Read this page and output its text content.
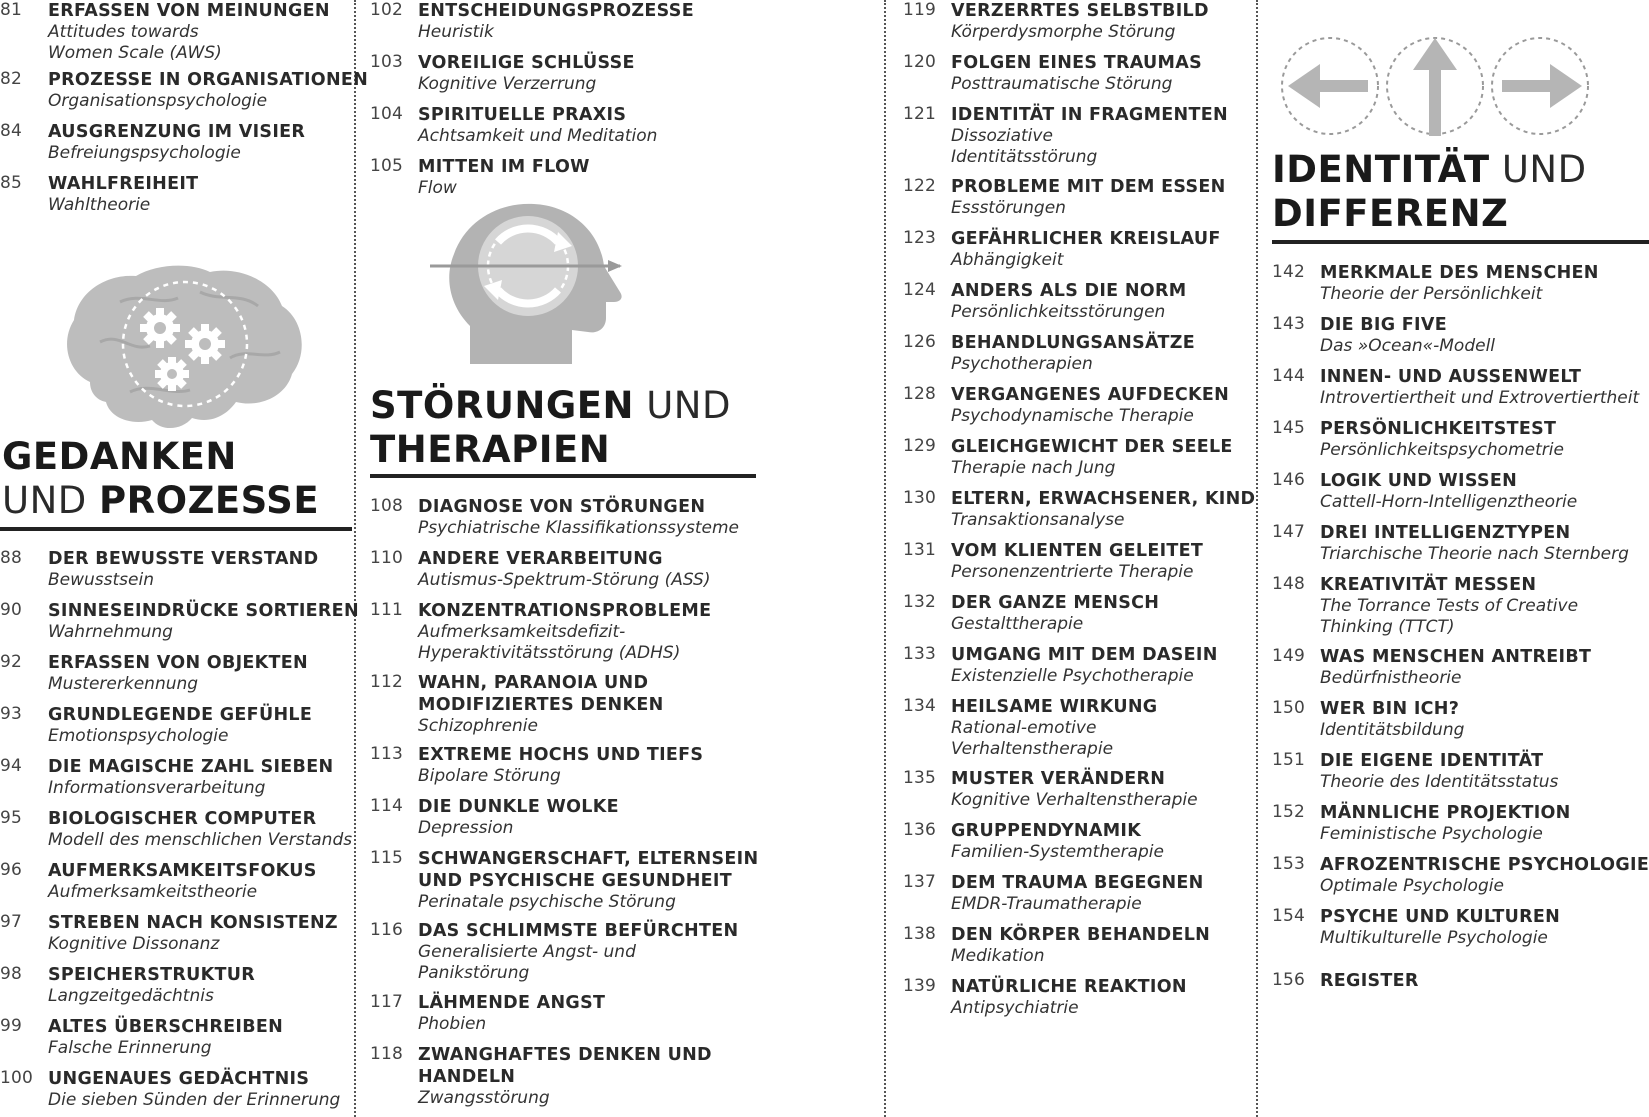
81 ERFASSEN VON MEINUNGEN
Attitudes towards
Women Scale (AWS)
82 PROZESSE IN ORGANISATIONEN
Organisationspsychologie
84 AUSGRENZUNG IM VISIER
Befreiungspsychologie
85 WAHLFREIHEIT
Wahltheorie
88 DER BEWUSSTE VERSTAND
Bewusstsein
90 SINNESEINDRÜCKE SORTIEREN
Wahrnehmung
92 ERFASSEN VON OBJEKTEN
Mustererkennung
93 GRUNDLEGENDE GEFÜHLE
Emotionspsychologie
94 DIE MAGISCHE ZAHL SIEBEN
Informationsverarbeitung
95 BIOLOGISCHER COMPUTER
Modell des menschlichen Verstands
96 AUFMERKSAMKEITSFOKUS
Aufmerksamkeitstheorie
97 STREBEN NACH KONSISTENZ
Kognitive Dissonanz
98 SPEICHERSTRUKTUR
Langzeitgedächtnis
99 ALTES ÜBERSCHREIBEN
Falsche Erinnerung
100 UNGENAUES GEDÄCHTNIS
Die sieben Sünden der Erinnerung
GEDANKEN
UND PROZESSE
102 ENTSCHEIDUNGSPROZESSE
Heuristik
103 VOREILIGE SCHLÜSSE
Kognitive Verzerrung
104 SPIRITUELLE PRAXIS
Achtsamkeit und Meditation
105 MITTEN IM FLOW
Flow
108 DIAGNOSE VON STÖRUNGEN
Psychiatrische Klassifikationssysteme
110 ANDERE VERARBEITUNG
Autismus-Spektrum-Störung (ASS)
111 KONZENTRATIONSPROBLEME
Aufmerksamkeitsdefizit-
Hyperaktivitätsstörung (ADHS)
112 WAHN, PARANOIA UND
MODIFIZIERTES DENKEN
Schizophrenie
113 EXTREME HOCHS UND TIEFS
Bipolare Störung
114 DIE DUNKLE WOLKE
Depression
115 SCHWANGERSCHAFT, ELTERNSEIN
UND PSYCHISCHE GESUNDHEIT
Perinatale psychische Störung
116 DAS SCHLIMMSTE BEFÜRCHTEN
Generalisierte Angst- und
Panikstörung
117 LÄHMENDE ANGST
Phobien
118 ZWANGHAFTES DENKEN UND
HANDELN
Zwangsstörung
STÖRUNGEN UND
THERAPIEN
119 VERZERRTES SELBSTBILD
Körperdysmorphe Störung
120 FOLGEN EINES TRAUMAS
Posttraumatische Störung
121 IDENTITÄT IN FRAGMENTEN
Dissoziative
Identitätsstörung
122 PROBLEME MIT DEM ESSEN
Essstörungen
123 GEFÄHRLICHER KREISLAUF
Abhängigkeit
124 ANDERS ALS DIE NORM
Persönlichkeitsstörungen
126 BEHANDLUNGSANSÄTZE
Psychotherapien
128 VERGANGENES AUFDECKEN
Psychodynamische Therapie
129 GLEICHGEWICHT DER SEELE
Therapie nach Jung
130 ELTERN, ERWACHSENER, KIND
Transaktionsanalyse
131 VOM KLIENTEN GELEITET
Personenzentrierte Therapie
132 DER GANZE MENSCH
Gestalttherapie
133 UMGANG MIT DEM DASEIN
Existenzielle Psychotherapie
134 HEILSAME WIRKUNG
Rational-emotive
Verhaltenstherapie
135 MUSTER VERÄNDERN
Kognitive Verhaltenstherapie
136 GRUPPENDYNAMIK
Familien-Systemtherapie
137 DEM TRAUMA BEGEGNEN
EMDR-Traumatherapie
138 DEN KÖRPER BEHANDELN
Medikation
139 NATÜRLICHE REAKTION
Antipsychiatrie
142 MERKMALE DES MENSCHEN
Theorie der Persönlichkeit
143 DIE BIG FIVE
Das »Ocean«-Modell
144 INNEN- UND AUSSENWELT
Introvertiertheit und Extrovertiertheit
145 PERSÖNLICHKEITSTEST
Persönlichkeitspsychometrie
146 LOGIK UND WISSEN
Cattell-Horn-Intelligenztheorie
147 DREI INTELLIGENZTYPEN
Triarchische Theorie nach Sternberg
148 KREATIVITÄT MESSEN
The Torrance Tests of Creative
Thinking (TTCT)
149 WAS MENSCHEN ANTREIBT
Bedürfnistheorie
150 WER BIN ICH?
Identitätsbildung
151 DIE EIGENE IDENTITÄT
Theorie des Identitätsstatus
152 MÄNNLICHE PROJEKTION
Feministische Psychologie
153 AFROZENTRISCHE PSYCHOLOGIE
Optimale Psychologie
154 PSYCHE UND KULTUREN
Multikulturelle Psychologie
156 REGISTER
IDENTITÄT UND
DIFFERENZ
